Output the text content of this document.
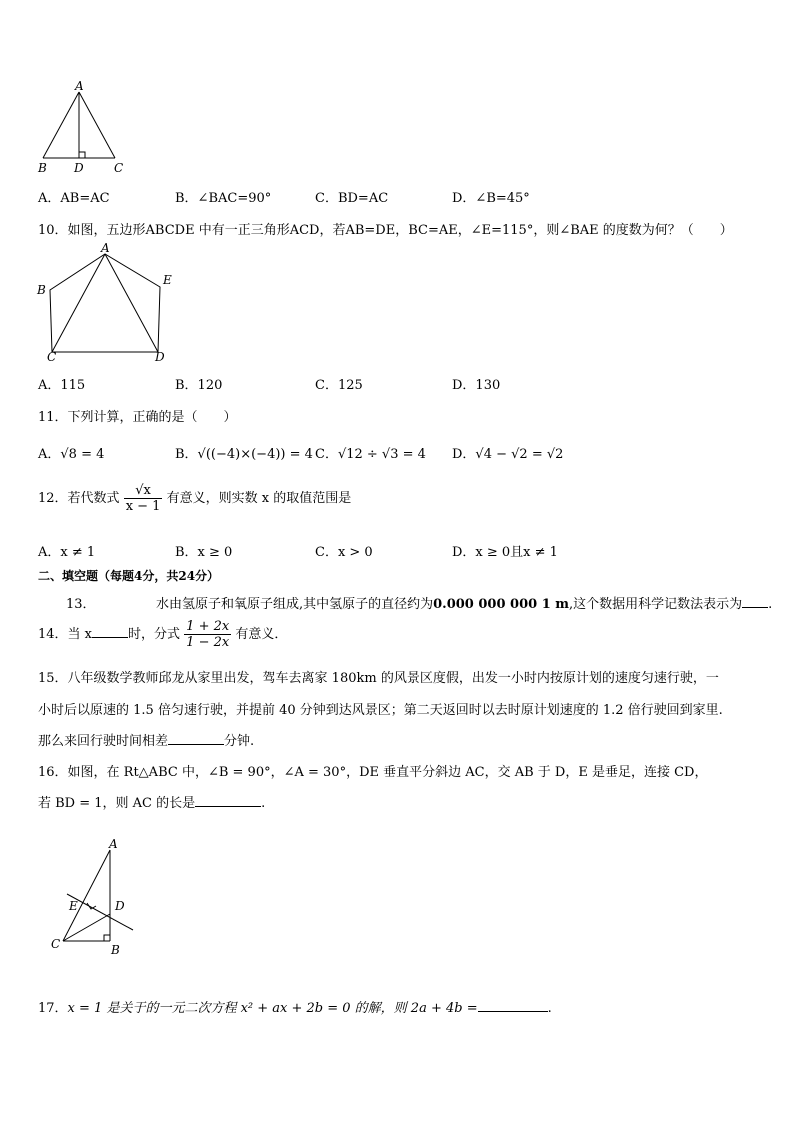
A
B D	C
A．AB=AC	B．∠BAC=90°	C．BD=AC	D．∠B=45°
10．如图，五边形ABCDE 中有一正三角形ACD，若AB=DE，BC=AE，∠E=115°，则∠BAE 的度数为何？（　　）
A
B
E
C	D
A．115	B．120	C．125	D．130
11．下列计算，正确的是（　　）
A．√8 = 4	B．√((−4)×(−4)) = 4 C．√12 ÷ √3 = 4 D．√4 − √2 = √2
12．若代数式 $\frac{√x}{x - 1}$ 有意义，则实数 x 的取值范围是
A．x ≠ 1	B．x ≥ 0	C．x > 0	D．x ≥ 0且x ≠ 1
二、填空题（每题4分，共24分）
13．	水由氢原子和氧原子组成,其中氢原子的直径约为0.000 000 000 1 m,这个数据用科学记数法表示为 .
14．当 x	时，分式 $\frac{1 + 2x}{1 - 2x}$ 有意义．
15．八年级数学教师邱龙从家里出发，驾车去离家 180km 的风景区度假，出发一小时内按原计划的速度匀速行驶，一
小时后以原速的 1.5 倍匀速行驶，并提前 40 分钟到达风景区；第二天返回时以去时原计划速度的 1.2 倍行驶回到家里.
那么来回行驶时间相差	分钟.
16．如图，在 Rt△ABC 中，∠B = 90°，∠A = 30°，DE 垂直平分斜边 AC，交 AB 于 D，E 是垂足，连接 CD，
若 BD = 1，则 AC 的长是	.
A
E	D
C	B
17．x = 1 是关于的一元二次方程 x² + ax + 2b = 0 的解，则 2a + 4b =	.
